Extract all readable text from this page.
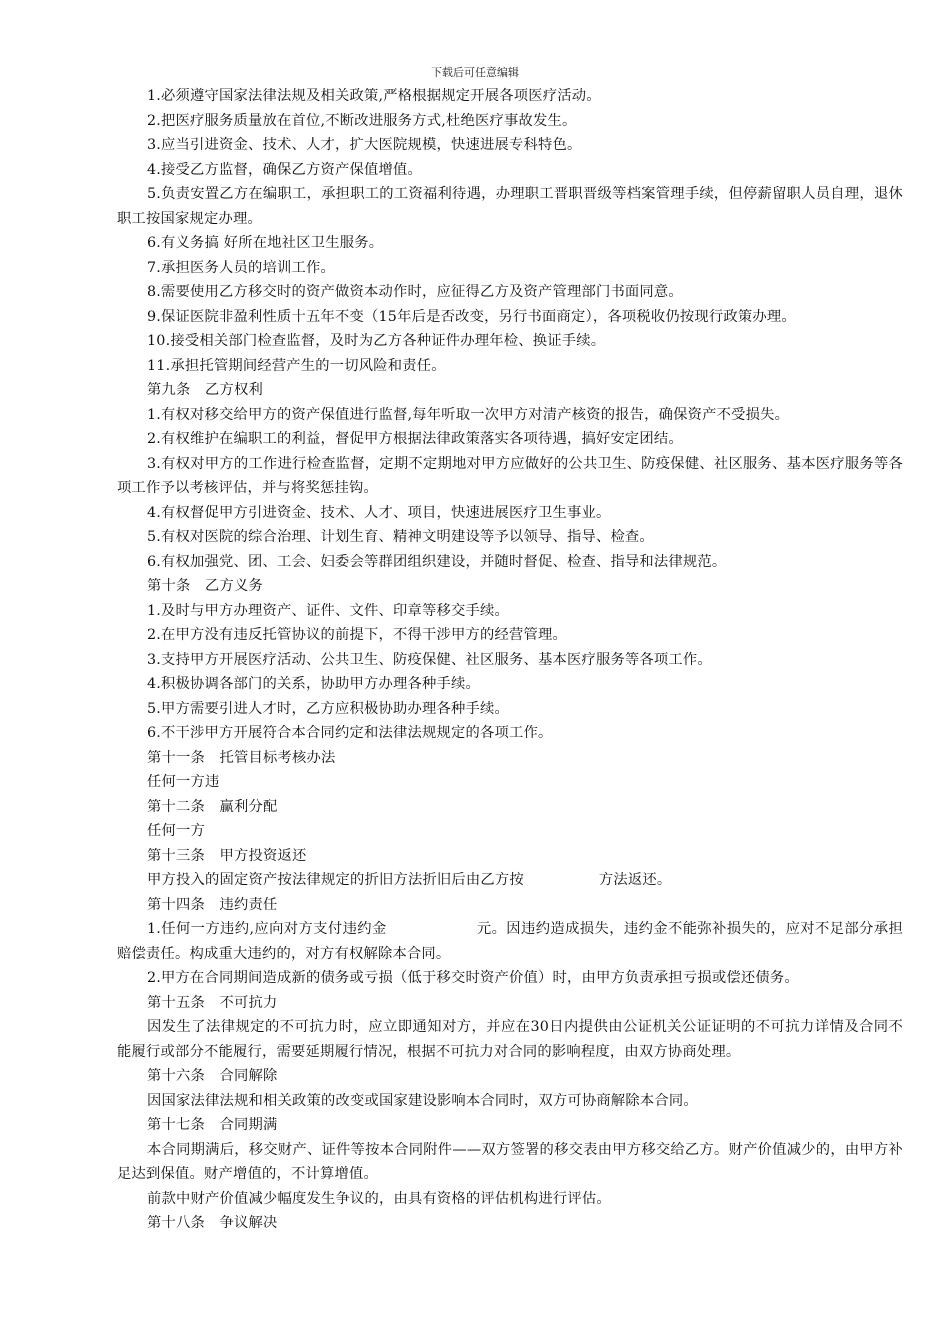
下载后可任意编辑

1.必须遵守国家法律法规及相关政策,严格根据规定开展各项医疗活动。

2.把医疗服务质量放在首位,不断改进服务方式,杜绝医疗事故发生。

3.应当引进资金、技术、人才，扩大医院规模，快速进展专科特色。

4.接受乙方监督，确保乙方资产保值增值。

5.负责安置乙方在编职工，承担职工的工资福利待遇，办理职工晋职晋级等档案管理手续，但停薪留职人员自理，退休职工按国家规定办理。

6.有义务搞 好所在地社区卫生服务。

7.承担医务人员的培训工作。

8.需要使用乙方移交时的资产做资本动作时，应征得乙方及资产管理部门书面同意。

9.保证医院非盈利性质十五年不变（15年后是否改变，另行书面商定），各项税收仍按现行政策办理。

10.接受相关部门检查监督，及时为乙方各种证件办理年检、换证手续。

11.承担托管期间经营产生的一切风险和责任。

第九条　乙方权利

1.有权对移交给甲方的资产保值进行监督,每年听取一次甲方对清产核资的报告，确保资产不受损失。

2.有权维护在编职工的利益，督促甲方根据法律政策落实各项待遇，搞好安定团结。

3.有权对甲方的工作进行检查监督，定期不定期地对甲方应做好的公共卫生、防疫保健、社区服务、基本医疗服务等各项工作予以考核评估，并与将奖惩挂钩。

4.有权督促甲方引进资金、技术、人才、项目，快速进展医疗卫生事业。

5.有权对医院的综合治理、计划生育、精神文明建设等予以领导、指导、检查。

6.有权加强党、团、工会、妇委会等群团组织建设，并随时督促、检查、指导和法律规范。

第十条　乙方义务

1.及时与甲方办理资产、证件、文件、印章等移交手续。

2.在甲方没有违反托管协议的前提下，不得干涉甲方的经营管理。

3.支持甲方开展医疗活动、公共卫生、防疫保健、社区服务、基本医疗服务等各项工作。

4.积极协调各部门的关系，协助甲方办理各种手续。

5.甲方需要引进人才时，乙方应积极协助办理各种手续。

6.不干涉甲方开展符合本合同约定和法律法规规定的各项工作。

第十一条　托管目标考核办法

任何一方违

第十二条　赢利分配

任何一方

第十三条　甲方投资返还

甲方投入的固定资产按法律规定的折旧方法折旧后由乙方按	方法返还。

第十四条　违约责任

1.任何一方违约,应向对方支付违约金	元。因违约造成损失，违约金不能弥补损失的，应对不足部分承担赔偿责任。构成重大违约的，对方有权解除本合同。

2.甲方在合同期间造成新的债务或亏损（低于移交时资产价值）时，由甲方负责承担亏损或偿还债务。

第十五条　不可抗力

因发生了法律规定的不可抗力时，应立即通知对方，并应在30日内提供由公证机关公证证明的不可抗力详情及合同不能履行或部分不能履行，需要延期履行情况，根据不可抗力对合同的影响程度，由双方协商处理。

第十六条　合同解除

因国家法律法规和相关政策的改变或国家建设影响本合同时，双方可协商解除本合同。

第十七条　合同期满

本合同期满后，移交财产、证件等按本合同附件——双方签署的移交表由甲方移交给乙方。财产价值减少的，由甲方补足达到保值。财产增值的，不计算增值。

前款中财产价值减少幅度发生争议的，由具有资格的评估机构进行评估。

第十八条　争议解决
